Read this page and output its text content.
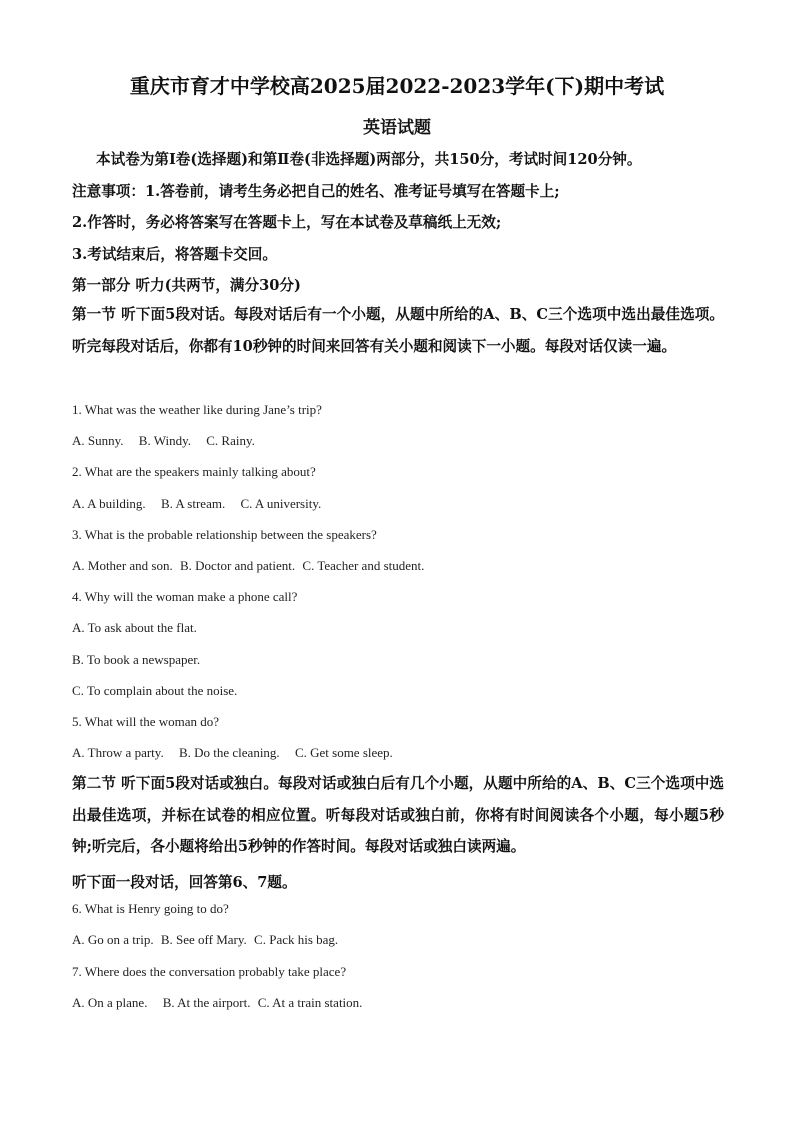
重庆市育才中学校高2025届2022-2023学年(下)期中考试
英语试题
本试卷为第Ⅰ卷(选择题)和第Ⅱ卷(非选择题)两部分，共150分，考试时间120分钟。
注意事项：1.答卷前，请考生务必把自己的姓名、准考证号填写在答题卡上;
2.作答时，务必将答案写在答题卡上，写在本试卷及草稿纸上无效;
3.考试结束后，将答题卡交回。
第一部分 听力(共两节，满分30分)
第一节 听下面5段对话。每段对话后有一个小题，从题中所给的A、B、C三个选项中选出最佳选项。听完每段对话后，你都有10秒钟的时间来回答有关小题和阅读下一小题。每段对话仅读一遍。
1. What was the weather like during Jane’s trip?
A. Sunny. B. Windy. C. Rainy.
2. What are the speakers mainly talking about?
A. A building. B. A stream. C. A university.
3. What is the probable relationship between the speakers?
A. Mother and son. B. Doctor and patient. C. Teacher and student.
4. Why will the woman make a phone call?
A. To ask about the flat.
B. To book a newspaper.
C. To complain about the noise.
5. What will the woman do?
A. Throw a party. B. Do the cleaning. C. Get some sleep.
第二节 听下面5段对话或独白。每段对话或独白后有几个小题，从题中所给的A、B、C三个选项中选出最佳选项，并标在试卷的相应位置。听每段对话或独白前，你将有时间阅读各个小题，每小题5秒钟;听完后，各小题将给出5秒钟的作答时间。每段对话或独白读两遍。
听下面一段对话，回答第6、7题。
6. What is Henry going to do?
A. Go on a trip. B. See off Mary. C. Pack his bag.
7. Where does the conversation probably take place?
A. On a plane. B. At the airport. C. At a train station.
